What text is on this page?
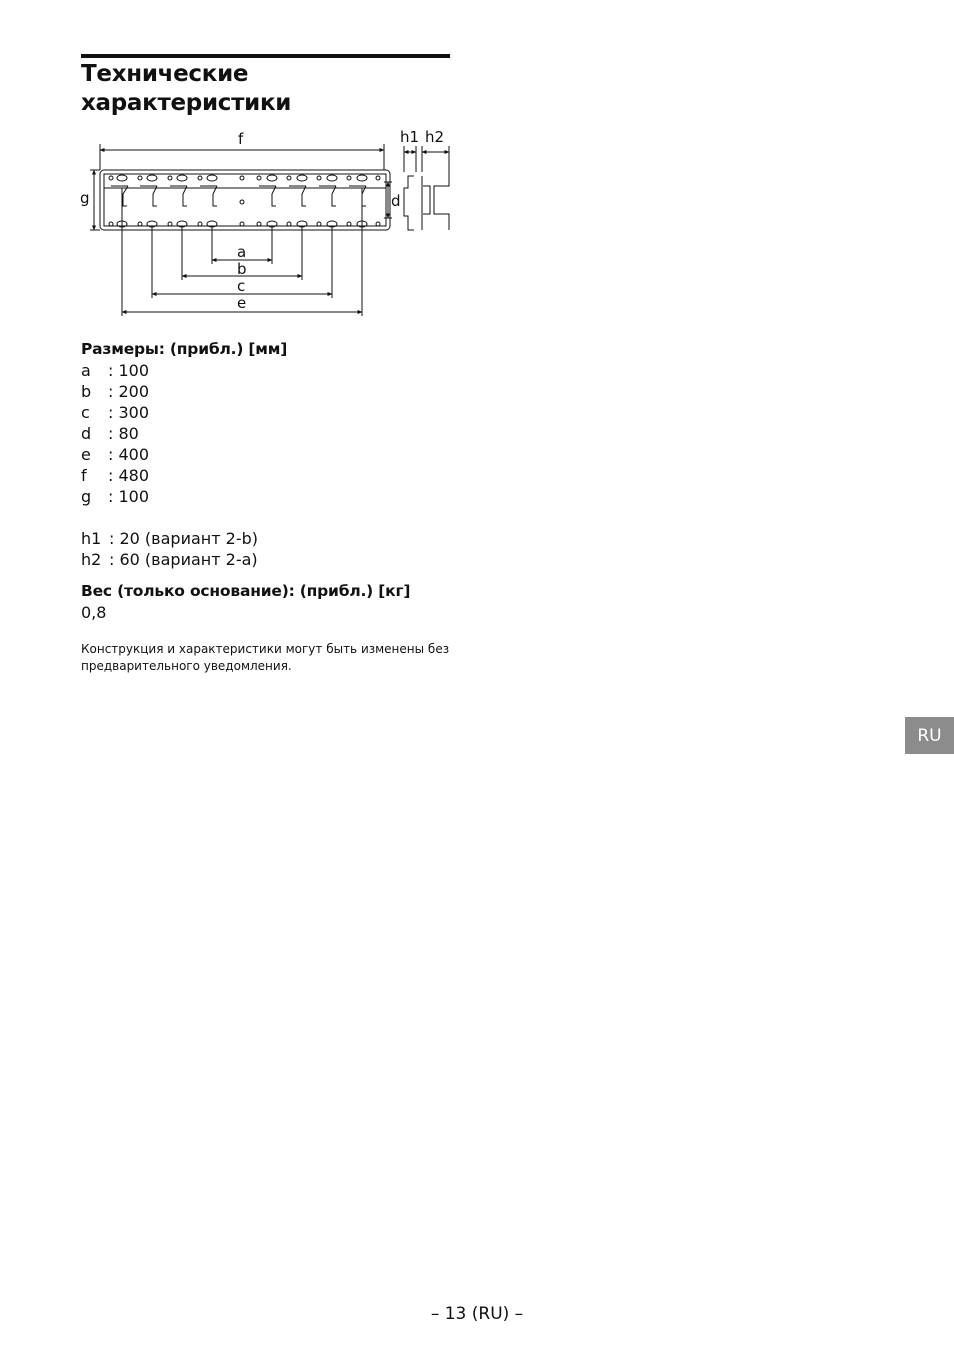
Технические
характеристики
f	h1 h2
g	d
a
b
c
e
Размеры: (прибл.) [мм]
a	: 100
b	: 200
c	: 300
d	: 80
e	: 400
f	: 480
g	: 100
h1	: 20 (вариант 2-b)
h2	: 60 (вариант 2-a)
Вес (только основание): (прибл.) [кг]
0,8
Конструкция и характеристики могут быть изменены без
предварительного уведомления.
RU
– 13 (RU) –
